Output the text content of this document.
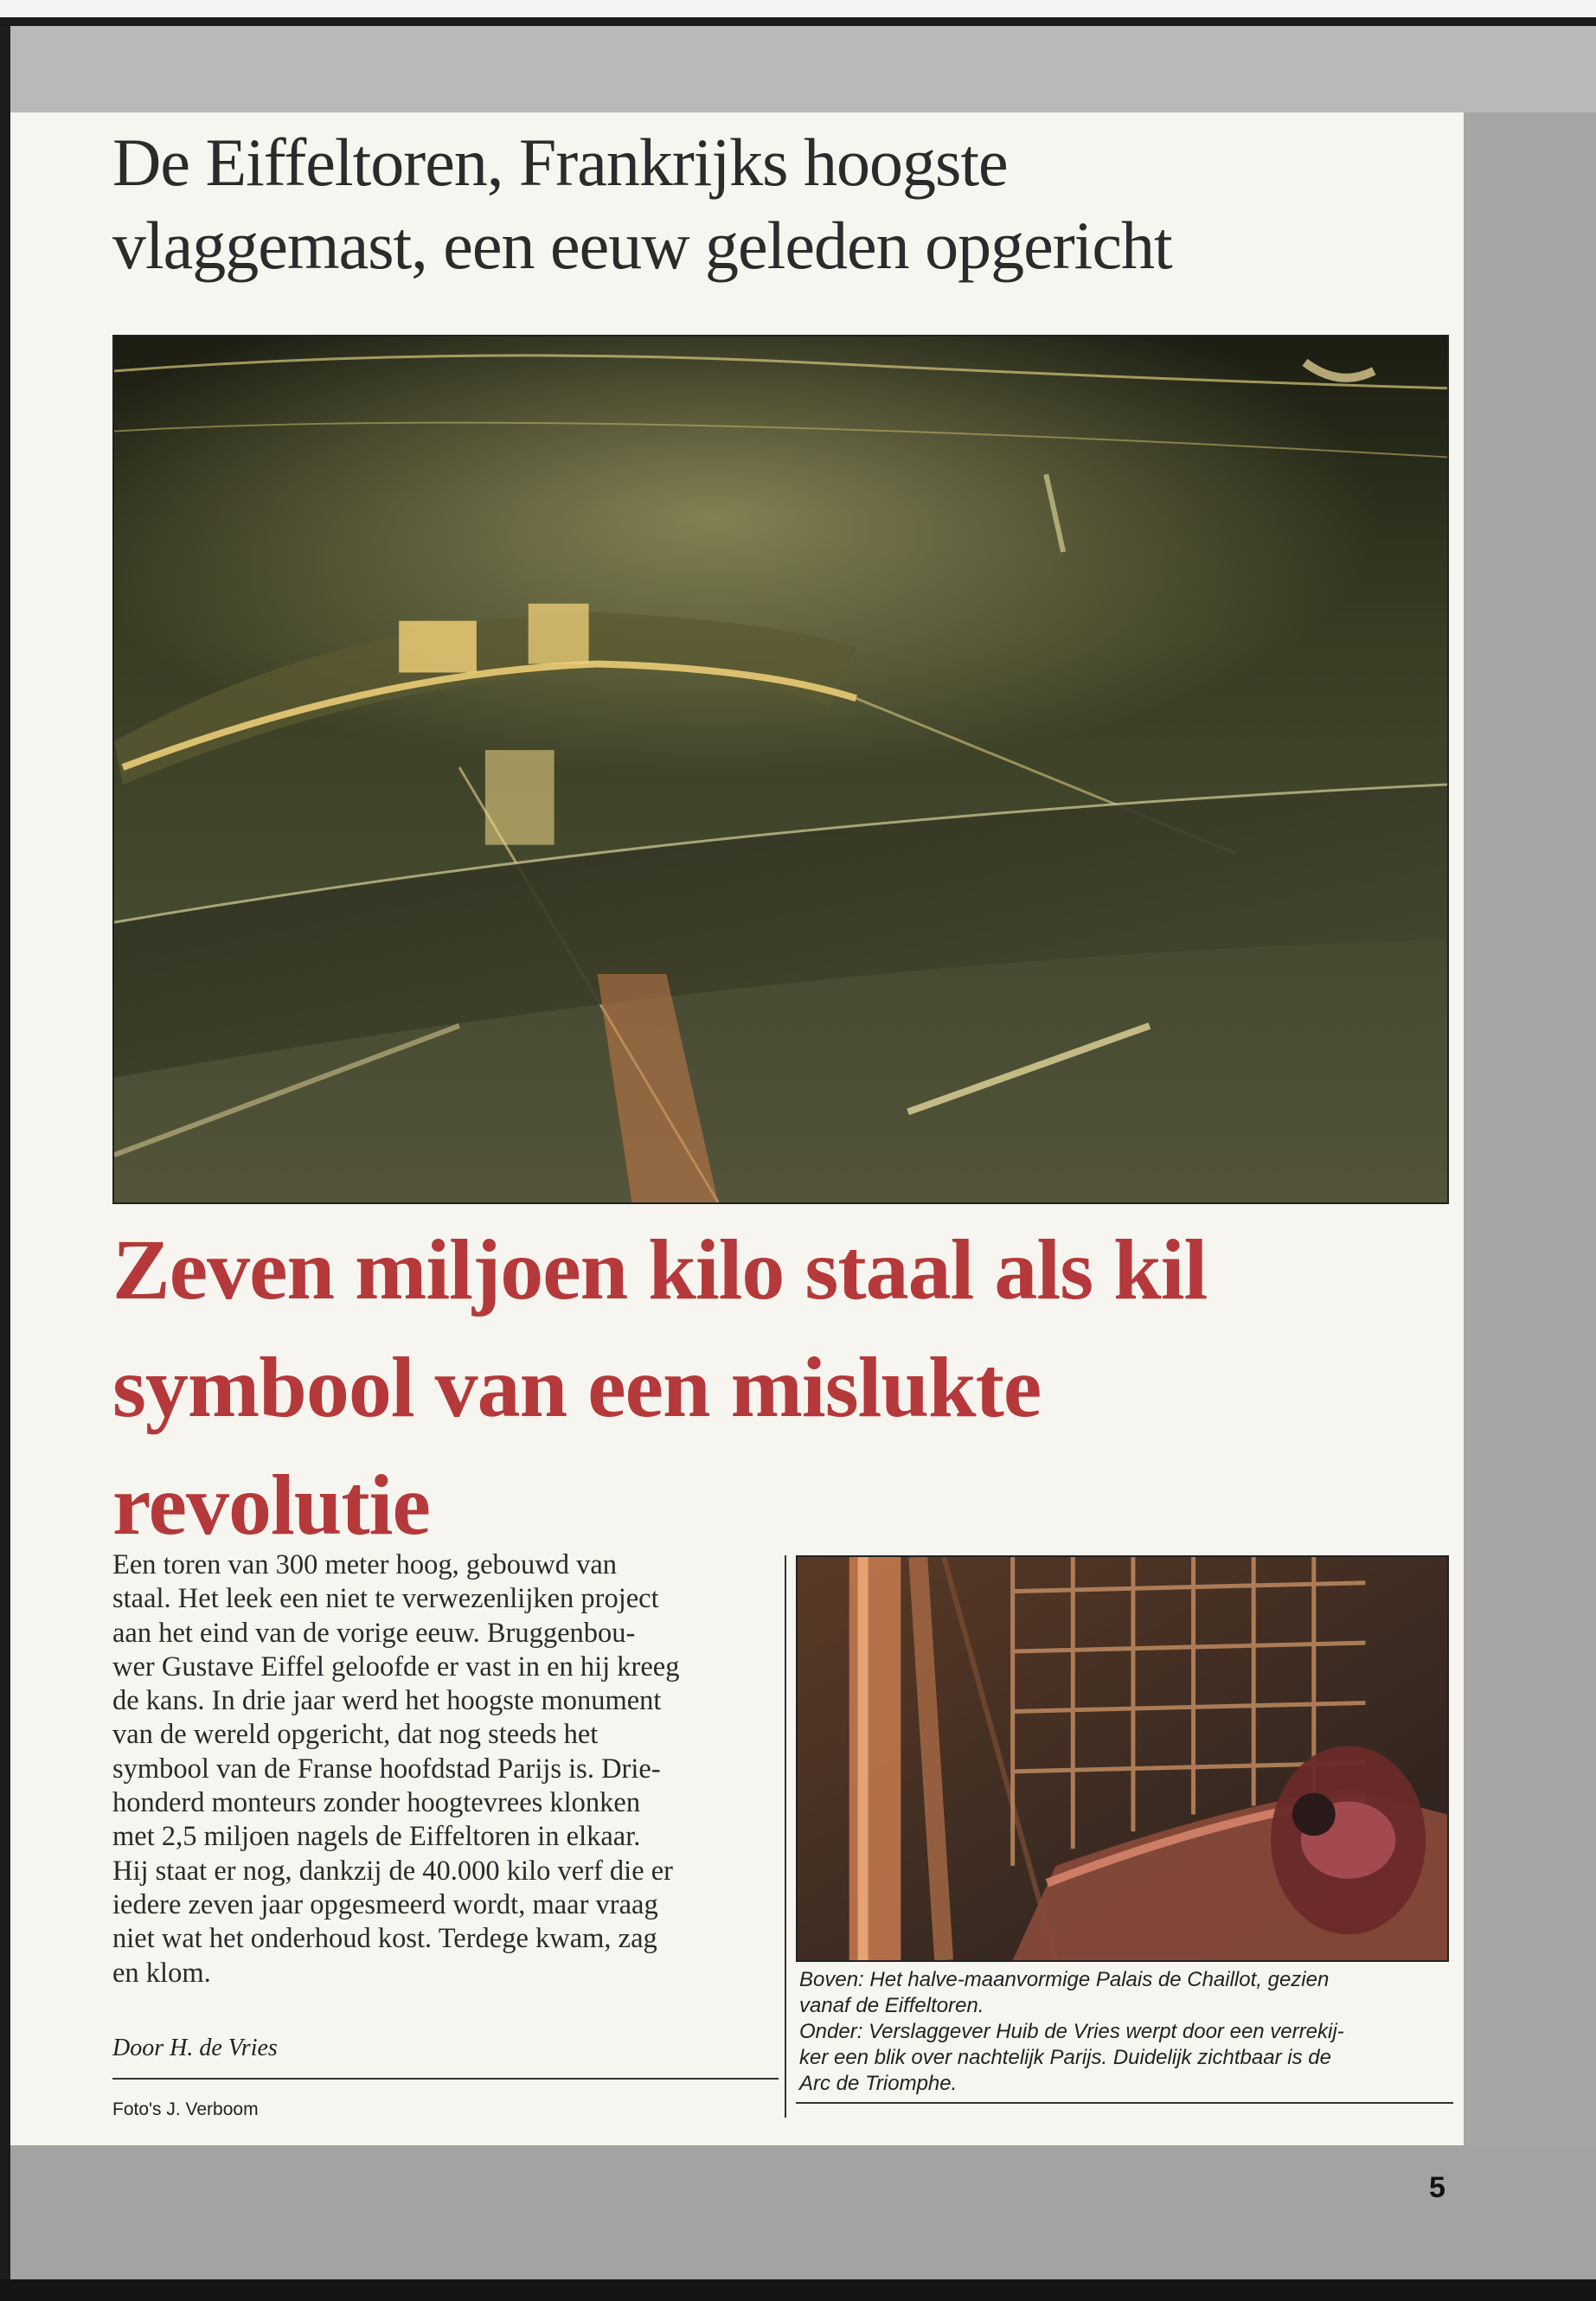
De Eiffeltoren, Frankrijks hoogste
vlaggemast, een eeuw geleden opgericht
Zeven miljoen kilo staal als kil
symbool van een mislukte
revolutie
Een toren van 300 meter hoog, gebouwd van
staal. Het leek een niet te verwezenlijken project
aan het eind van de vorige eeuw. Bruggenbou-
wer Gustave Eiffel geloofde er vast in en hij kreeg
de kans. In drie jaar werd het hoogste monument
van de wereld opgericht, dat nog steeds het
symbool van de Franse hoofdstad Parijs is. Drie-
honderd monteurs zonder hoogtevrees klonken
met 2,5 miljoen nagels de Eiffeltoren in elkaar.
Hij staat er nog, dankzij de 40.000 kilo verf die er
iedere zeven jaar opgesmeerd wordt, maar vraag
niet wat het onderhoud kost. Terdege kwam, zag
en klom.
Door H. de Vries
Foto's J. Verboom

Boven: Het halve-maanvormige Palais de Chaillot, gezien

vanaf de Eiffeltoren.

Onder: Verslaggever Huib de Vries werpt door een verrekij-

ker een blik over nachtelijk Parijs. Duidelijk zichtbaar is de

Arc de Triomphe.

5
